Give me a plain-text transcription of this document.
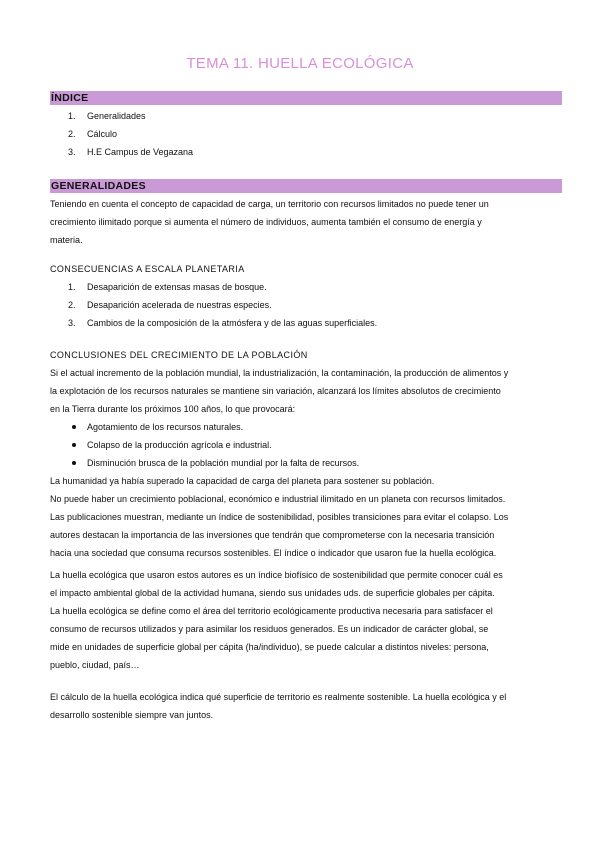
TEMA 11. HUELLA ECOLÓGICA
ÍNDICE
1. Generalidades
2. Cálculo
3. H.E Campus de Vegazana
GENERALIDADES

Teniendo en cuenta el concepto de capacidad de carga, un territorio con recursos limitados no puede tener un

crecimiento ilimitado porque si aumenta el número de individuos, aumenta también el consumo de energía y

materia.

CONSECUENCIAS A ESCALA PLANETARIA

1. Desaparición de extensas masas de bosque.
2. Desaparición acelerada de nuestras especies.
3. Cambios de la composición de la atmósfera y de las aguas superficiales.

CONCLUSIONES DEL CRECIMIENTO DE LA POBLACIÓN

Si el actual incremento de la población mundial, la industrialización, la contaminación, la producción de alimentos y

la explotación de los recursos naturales se mantiene sin variación, alcanzará los límites absolutos de crecimiento

en la Tierra durante los próximos 100 años, lo que provocará:

Agotamiento de los recursos naturales.
Colapso de la producción agrícola e industrial.
Disminución brusca de la población mundial por la falta de recursos.

La humanidad ya había superado la capacidad de carga del planeta para sostener su población.

No puede haber un crecimiento poblacional, económico e industrial ilimitado en un planeta con recursos limitados.

Las publicaciones muestran, mediante un índice de sostenibilidad, posibles transiciones para evitar el colapso. Los

autores destacan la importancia de las inversiones que tendrán que comprometerse con la necesaria transición

hacia una sociedad que consuma recursos sostenibles. El índice o indicador que usaron fue la huella ecológica.

La huella ecológica que usaron estos autores es un índice biofísico de sostenibilidad que permite conocer cuál es

el impacto ambiental global de la actividad humana, siendo sus unidades uds. de superficie globales per cápita.

La huella ecológica se define como el área del territorio ecológicamente productiva necesaria para satisfacer el

consumo de recursos utilizados y para asimilar los residuos generados. Es un indicador de carácter global, se

mide en unidades de superficie global per cápita (ha/individuo), se puede calcular a distintos niveles: persona,

pueblo, ciudad, país…

El cálculo de la huella ecológica indica qué superficie de territorio es realmente sostenible. La huella ecológica y el

desarrollo sostenible siempre van juntos.
